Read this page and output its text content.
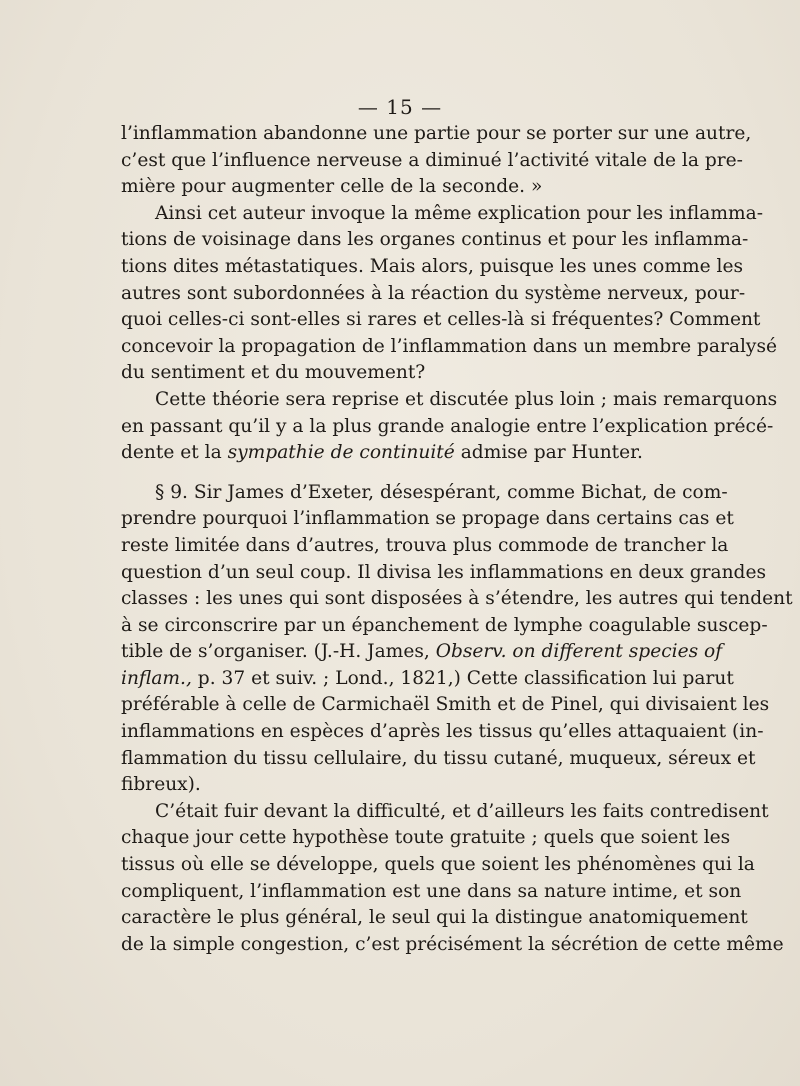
— 15 —
l’inflammation abandonne une partie pour se porter sur une autre,
c’est que l’influence nerveuse a diminué l’activité vitale de la pre-
mière pour augmenter celle de la seconde. »
Ainsi cet auteur invoque la même explication pour les inflamma-
tions de voisinage dans les organes continus et pour les inflamma-
tions dites métastatiques. Mais alors, puisque les unes comme les
autres sont subordonnées à la réaction du système nerveux, pour-
quoi celles-ci sont-elles si rares et celles-là si fréquentes? Comment
concevoir la propagation de l’inflammation dans un membre paralysé
du sentiment et du mouvement?
Cette théorie sera reprise et discutée plus loin ; mais remarquons
en passant qu’il y a la plus grande analogie entre l’explication précé-
dente et la sympathie de continuité admise par Hunter.
§ 9. Sir James d’Exeter, désespérant, comme Bichat, de com-
prendre pourquoi l’inflammation se propage dans certains cas et
reste limitée dans d’autres, trouva plus commode de trancher la
question d’un seul coup. Il divisa les inflammations en deux grandes
classes : les unes qui sont disposées à s’étendre, les autres qui tendent
à se circonscrire par un épanchement de lymphe coagulable suscep-
tible de s’organiser. (J.-H. James, Observ. on different species of
inflam., p. 37 et suiv. ; Lond., 1821,) Cette classification lui parut
préférable à celle de Carmichaël Smith et de Pinel, qui divisaient les
inflammations en espèces d’après les tissus qu’elles attaquaient (in-
flammation du tissu cellulaire, du tissu cutané, muqueux, séreux et
fibreux).
C’était fuir devant la difficulté, et d’ailleurs les faits contredisent
chaque jour cette hypothèse toute gratuite ; quels que soient les
tissus où elle se développe, quels que soient les phénomènes qui la
compliquent, l’inflammation est une dans sa nature intime, et son
caractère le plus général, le seul qui la distingue anatomiquement
de la simple congestion, c’est précisément la sécrétion de cette même
